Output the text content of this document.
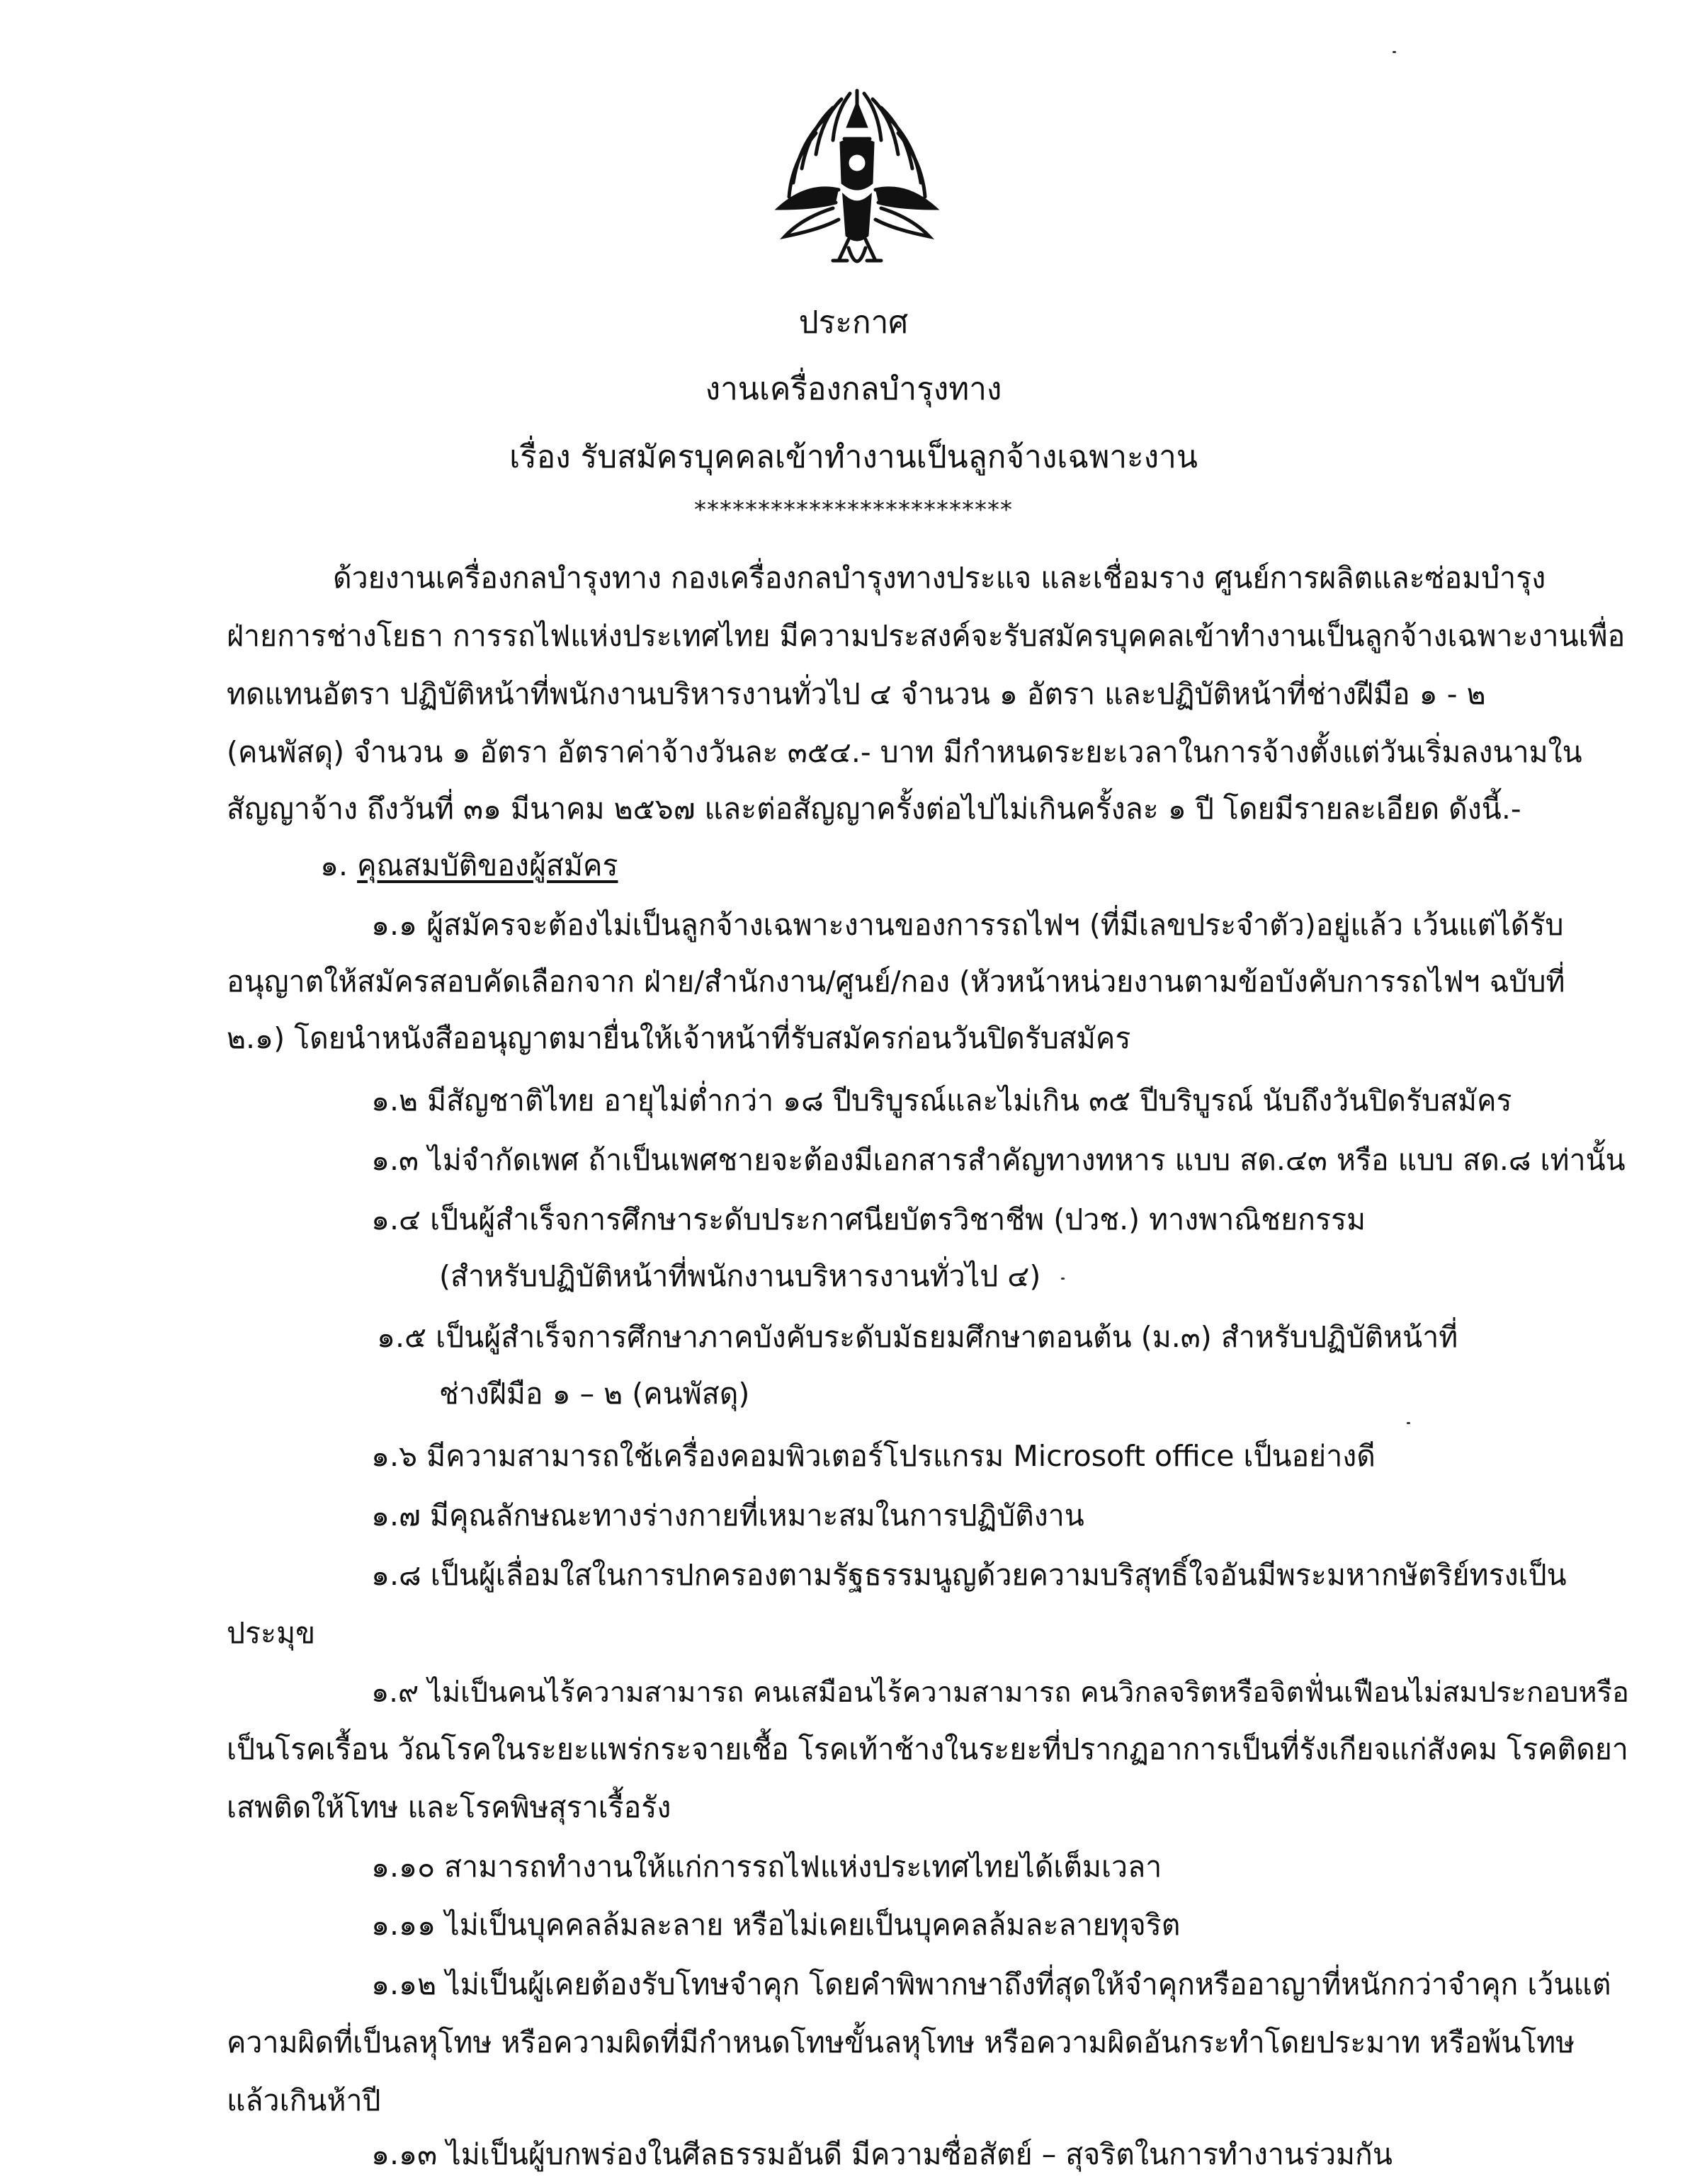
ประกาศ
งานเครื่องกลบำรุงทาง
เรื่อง รับสมัครบุคคลเข้าทำงานเป็นลูกจ้างเฉพาะงาน
*************************
ด้วยงานเครื่องกลบำรุงทาง กองเครื่องกลบำรุงทางประแจ และเชื่อมราง ศูนย์การผลิตและซ่อมบำรุง
ฝ่ายการช่างโยธา การรถไฟแห่งประเทศไทย มีความประสงค์จะรับสมัครบุคคลเข้าทำงานเป็นลูกจ้างเฉพาะงานเพื่อ
ทดแทนอัตรา ปฏิบัติหน้าที่พนักงานบริหารงานทั่วไป ๔ จำนวน ๑ อัตรา และปฏิบัติหน้าที่ช่างฝีมือ ๑ - ๒
(คนพัสดุ) จำนวน ๑ อัตรา อัตราค่าจ้างวันละ ๓๕๔.- บาท มีกำหนดระยะเวลาในการจ้างตั้งแต่วันเริ่มลงนามใน
สัญญาจ้าง ถึงวันที่ ๓๑ มีนาคม ๒๕๖๗ และต่อสัญญาครั้งต่อไปไม่เกินครั้งละ ๑ ปี โดยมีรายละเอียด ดังนี้.-
๑. คุณสมบัติของผู้สมัคร
๑.๑ ผู้สมัครจะต้องไม่เป็นลูกจ้างเฉพาะงานของการรถไฟฯ (ที่มีเลขประจำตัว)อยู่แล้ว เว้นแต่ได้รับ
อนุญาตให้สมัครสอบคัดเลือกจาก ฝ่าย/สำนักงาน/ศูนย์/กอง (หัวหน้าหน่วยงานตามข้อบังคับการรถไฟฯ ฉบับที่
๒.๑) โดยนำหนังสืออนุญาตมายื่นให้เจ้าหน้าที่รับสมัครก่อนวันปิดรับสมัคร
๑.๒ มีสัญชาติไทย อายุไม่ต่ำกว่า ๑๘ ปีบริบูรณ์และไม่เกิน ๓๕ ปีบริบูรณ์ นับถึงวันปิดรับสมัคร
๑.๓ ไม่จำกัดเพศ ถ้าเป็นเพศชายจะต้องมีเอกสารสำคัญทางทหาร แบบ สด.๔๓ หรือ แบบ สด.๘ เท่านั้น
๑.๔ เป็นผู้สำเร็จการศึกษาระดับประกาศนียบัตรวิชาชีพ (ปวช.) ทางพาณิชยกรรม
(สำหรับปฏิบัติหน้าที่พนักงานบริหารงานทั่วไป ๔)
๑.๕ เป็นผู้สำเร็จการศึกษาภาคบังคับระดับมัธยมศึกษาตอนต้น (ม.๓) สำหรับปฏิบัติหน้าที่
ช่างฝีมือ ๑ – ๒ (คนพัสดุ)
๑.๖ มีความสามารถใช้เครื่องคอมพิวเตอร์โปรแกรม Microsoft office เป็นอย่างดี
๑.๗ มีคุณลักษณะทางร่างกายที่เหมาะสมในการปฏิบัติงาน
๑.๘ เป็นผู้เลื่อมใสในการปกครองตามรัฐธรรมนูญด้วยความบริสุทธิ์ใจอันมีพระมหากษัตริย์ทรงเป็น
ประมุข
๑.๙ ไม่เป็นคนไร้ความสามารถ คนเสมือนไร้ความสามารถ คนวิกลจริตหรือจิตฟั่นเฟือนไม่สมประกอบหรือ
เป็นโรคเรื้อน วัณโรคในระยะแพร่กระจายเชื้อ โรคเท้าช้างในระยะที่ปรากฏอาการเป็นที่รังเกียจแก่สังคม โรคติดยา
เสพติดให้โทษ และโรคพิษสุราเรื้อรัง
๑.๑๐ สามารถทำงานให้แก่การรถไฟแห่งประเทศไทยได้เต็มเวลา
๑.๑๑ ไม่เป็นบุคคลล้มละลาย หรือไม่เคยเป็นบุคคลล้มละลายทุจริต
๑.๑๒ ไม่เป็นผู้เคยต้องรับโทษจำคุก โดยคำพิพากษาถึงที่สุดให้จำคุกหรืออาญาที่หนักกว่าจำคุก เว้นแต่
ความผิดที่เป็นลหุโทษ หรือความผิดที่มีกำหนดโทษขั้นลหุโทษ หรือความผิดอันกระทำโดยประมาท หรือพ้นโทษ
แล้วเกินห้าปี
๑.๑๓ ไม่เป็นผู้บกพร่องในศีลธรรมอันดี มีความซื่อสัตย์ – สุจริตในการทำงานร่วมกัน
